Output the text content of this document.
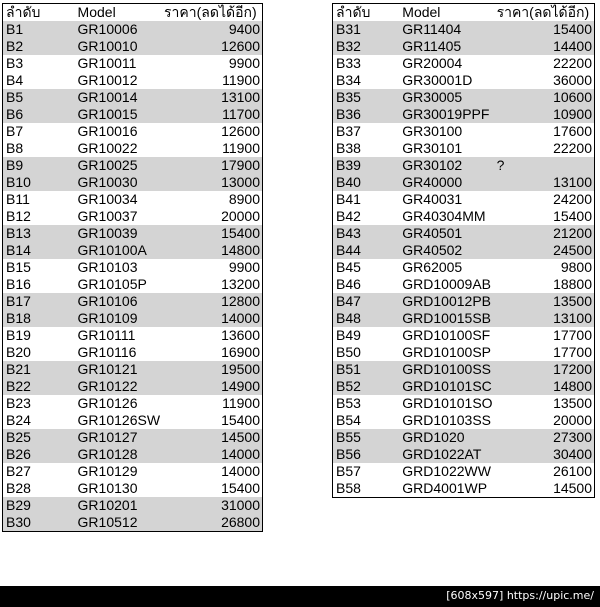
ลำดับ	Model	ราคา(ลดได้อีก)
B1	GR10006	9400
B2	GR10010	12600
B3	GR10011	9900
B4	GR10012	11900
B5	GR10014	13100
B6	GR10015	11700
B7	GR10016	12600
B8	GR10022	11900
B9	GR10025	17900
B10	GR10030	13000
B11	GR10034	8900
B12	GR10037	20000
B13	GR10039	15400
B14	GR10100A	14800
B15	GR10103	9900
B16	GR10105P	13200
B17	GR10106	12800
B18	GR10109	14000
B19	GR10111	13600
B20	GR10116	16900
B21	GR10121	19500
B22	GR10122	14900
B23	GR10126	11900
B24	GR10126SW	15400
B25	GR10127	14500
B26	GR10128	14000
B27	GR10129	14000
B28	GR10130	15400
B29	GR10201	31000
B30	GR10512	26800
ลำดับ	Model	ราคา(ลดได้อีก)
B31	GR11404	15400
B32	GR11405	14400
B33	GR20004	22200
B34	GR30001D	36000
B35	GR30005	10600
B36	GR30019PPF	10900
B37	GR30100	17600
B38	GR30101	22200
B39	GR30102	?
B40	GR40000	13100
B41	GR40031	24200
B42	GR40304MM	15400
B43	GR40501	21200
B44	GR40502	24500
B45	GR62005	9800
B46	GRD10009AB	18800
B47	GRD10012PB	13500
B48	GRD10015SB	13100
B49	GRD10100SF	17700
B50	GRD10100SP	17700
B51	GRD10100SS	17200
B52	GRD10101SC	14800
B53	GRD10101SO	13500
B54	GRD10103SS	20000
B55	GRD1020	27300
B56	GRD1022AT	30400
B57	GRD1022WW	26100
B58	GRD4001WP	14500
[608x597] https://upic.me/
